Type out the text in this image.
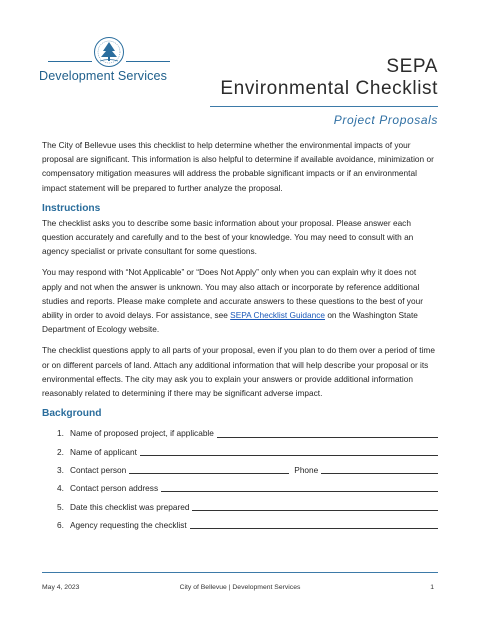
Development Services	SEPA
Environmental Checklist
Project Proposals

The City of Bellevue uses this checklist to help determine whether the environmental impacts of your proposal are significant. This information is also helpful to determine if available avoidance, minimization or compensatory mitigation measures will address the probable significant impacts or if an environmental impact statement will be prepared to further analyze the proposal.

Instructions

The checklist asks you to describe some basic information about your proposal. Please answer each question accurately and carefully and to the best of your knowledge. You may need to consult with an agency specialist or private consultant for some questions.

You may respond with “Not Applicable” or “Does Not Apply” only when you can explain why it does not apply and not when the answer is unknown. You may also attach or incorporate by reference additional studies and reports. Please make complete and accurate answers to these questions to the best of your ability in order to avoid delays. For assistance, see SEPA Checklist Guidance on the Washington State Department of Ecology website.

The checklist questions apply to all parts of your proposal, even if you plan to do them over a period of time or on different parcels of land. Attach any additional information that will help describe your proposal or its environmental effects. The city may ask you to explain your answers or provide additional information reasonably related to determining if there may be significant adverse impact.

Background
1. Name of proposed project, if applicable
2. Name of applicant
3. Contact person	Phone
4. Contact person address
5. Date this checklist was prepared
6. Agency requesting the checklist
May 4, 2023	City of Bellevue | Development Services	1
